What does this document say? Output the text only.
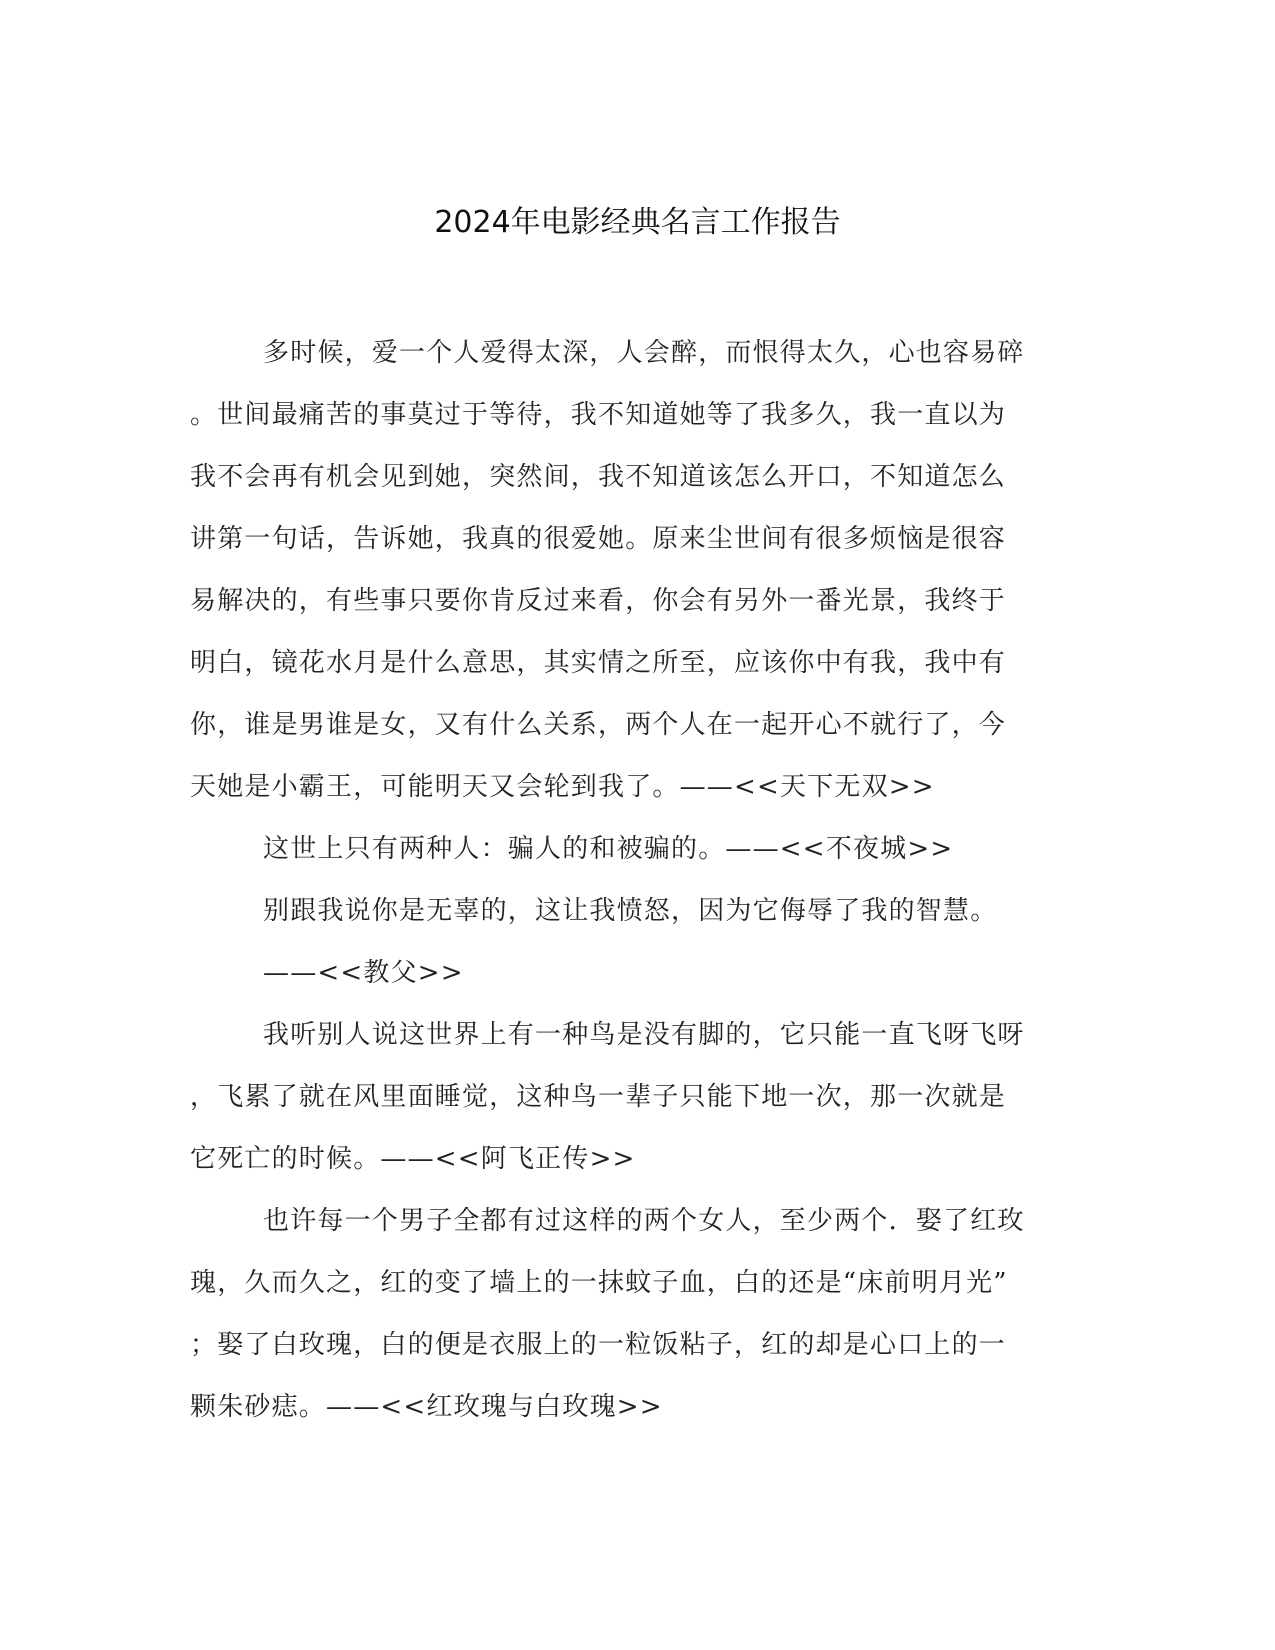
2024年电影经典名言工作报告
多时候，爱一个人爱得太深，人会醉，而恨得太久，心也容易碎
。世间最痛苦的事莫过于等待，我不知道她等了我多久，我一直以为
我不会再有机会见到她，突然间，我不知道该怎么开口，不知道怎么
讲第一句话，告诉她，我真的很爱她。原来尘世间有很多烦恼是很容
易解决的，有些事只要你肯反过来看，你会有另外一番光景，我终于
明白，镜花水月是什么意思，其实情之所至，应该你中有我，我中有
你，谁是男谁是女，又有什么关系，两个人在一起开心不就行了，今
天她是小霸王，可能明天又会轮到我了。——<<天下无双>>
这世上只有两种人：骗人的和被骗的。——<<不夜城>>
别跟我说你是无辜的，这让我愤怒，因为它侮辱了我的智慧。
——<<教父>>
我听别人说这世界上有一种鸟是没有脚的，它只能一直飞呀飞呀
，飞累了就在风里面睡觉，这种鸟一辈子只能下地一次，那一次就是
它死亡的时候。——<<阿飞正传>>
也许每一个男子全都有过这样的两个女人，至少两个．娶了红玫
瑰，久而久之，红的变了墙上的一抹蚊子血，白的还是“床前明月光”
；娶了白玫瑰，白的便是衣服上的一粒饭粘子，红的却是心口上的一
颗朱砂痣。——<<红玫瑰与白玫瑰>>
